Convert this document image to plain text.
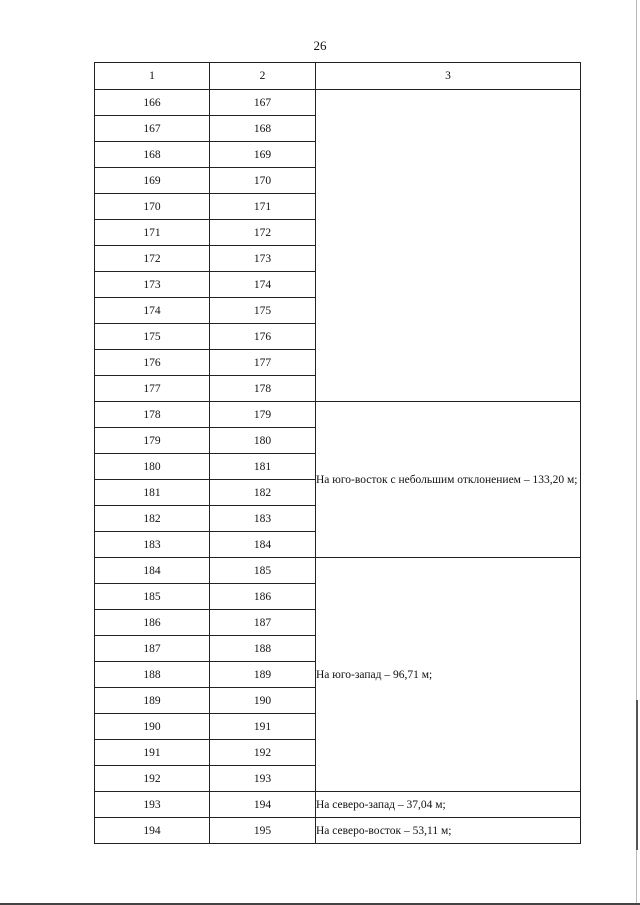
26
1	2	3
166	167	
167	168	
168	169	
169	170	
170	171	
171	172	
172	173	
173	174	
174	175	
175	176	
176	177	
177	178	
178	179	На юго-восток с небольшим отклонением – 133,20 м;
179	180	
180	181	
181	182	
182	183	
183	184	
184	185	На юго-запад – 96,71 м;
185	186	
186	187	
187	188	
188	189	
189	190	
190	191	
191	192	
192	193	
193	194	На северо-запад – 37,04 м;
194	195	На северо-восток – 53,11 м;
